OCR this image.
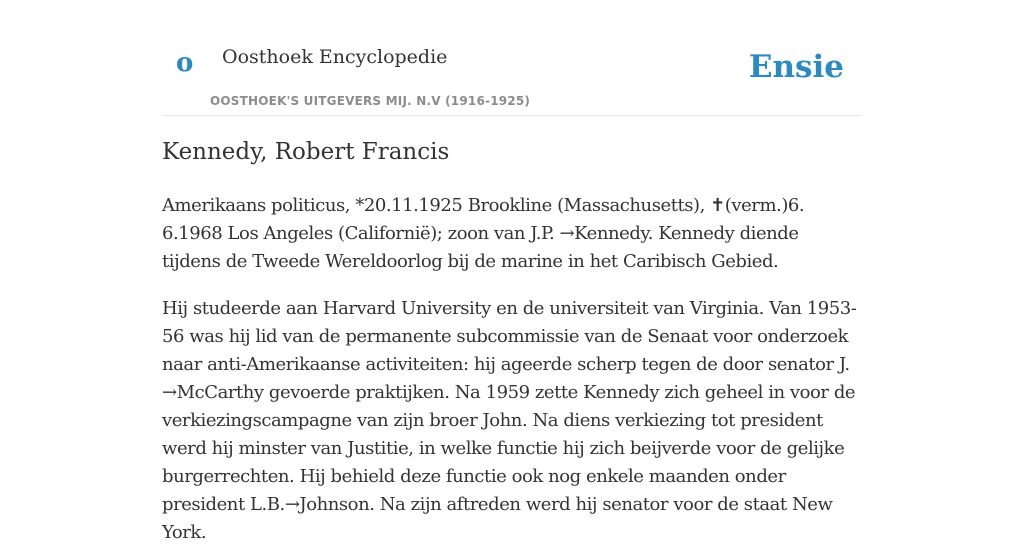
o Oosthoek Encyclopedie
OOSTHOEK'S UITGEVERS MIJ. N.V (1916-1925)
Ensie
Kennedy, Robert Francis

Amerikaans politicus, *20.11.1925 Brookline (Massachusetts), ✝(verm.)6. 6.1968 Los Angeles (Californië); zoon van J.P. →Kennedy. Kennedy diende tijdens de Tweede Wereldoorlog bij de marine in het Caribisch Gebied.

Hij studeerde aan Harvard University en de universiteit van Virginia. Van 1953-56 was hij lid van de permanente subcommissie van de Senaat voor onderzoek naar anti-Amerikaanse activiteiten: hij ageerde scherp tegen de door senator J. →McCarthy gevoerde praktijken. Na 1959 zette Kennedy zich geheel in voor de verkiezingscampagne van zijn broer John. Na diens verkiezing tot president werd hij minster van Justitie, in welke functie hij zich beijverde voor de gelijke burgerrechten. Hij behield deze functie ook nog enkele maanden onder president L.B.→Johnson. Na zijn aftreden werd hij senator voor de staat New York.
